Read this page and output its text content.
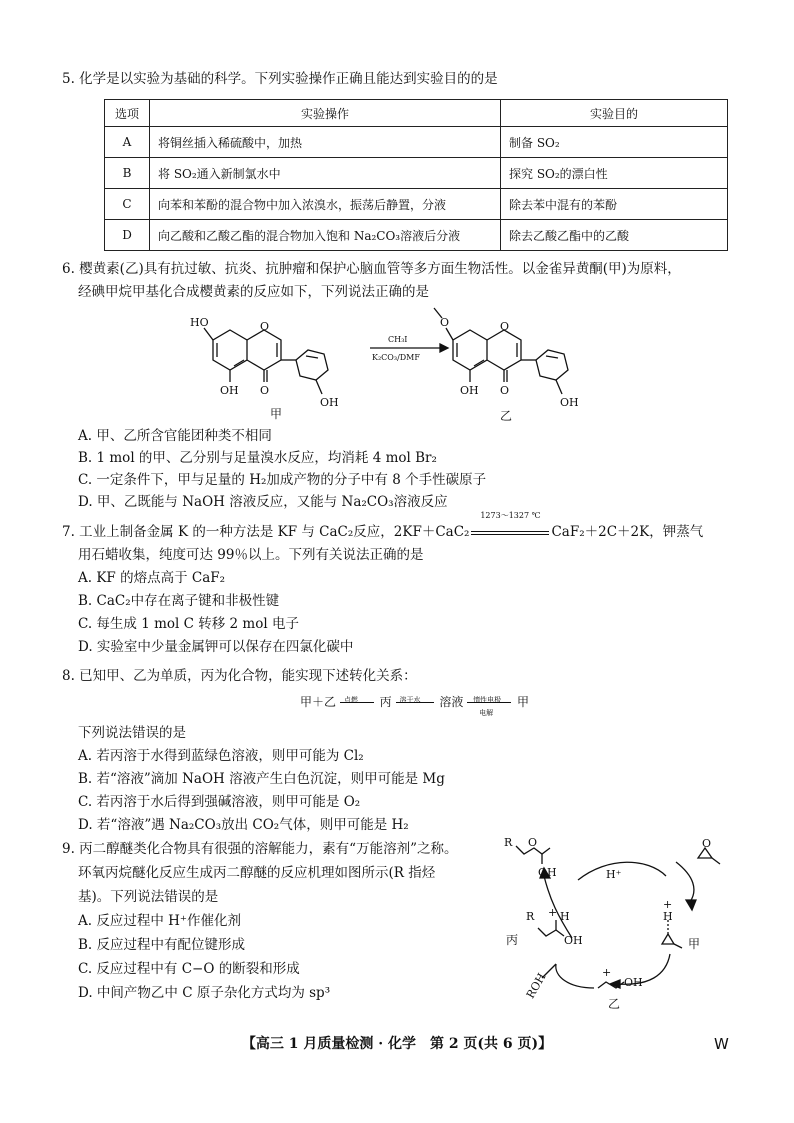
5. 化学是以实验为基础的科学。下列实验操作正确且能达到实验目的的是
选项	实验操作	实验目的
A	将铜丝插入稀硫酸中，加热	制备 SO₂
B	将 SO₂通入新制氯水中	探究 SO₂的漂白性
C	向苯和苯酚的混合物中加入浓溴水，振荡后静置，分液	除去苯中混有的苯酚
D	向乙酸和乙酸乙酯的混合物加入饱和 Na₂CO₃溶液后分液	除去乙酸乙酯中的乙酸
6. 樱黄素(乙)具有抗过敏、抗炎、抗肿瘤和保护心脑血管等多方面生物活性。以金雀异黄酮(甲)为原料，
经碘甲烷甲基化合成樱黄素的反应如下，下列说法正确的是
HO	O
OH O
OH
甲
CH₃I
K₂CO₃/DMF
O	O
OH O
OH
乙
A. 甲、乙所含官能团种类不相同
B. 1 mol 的甲、乙分别与足量溴水反应，均消耗 4 mol Br₂
C. 一定条件下，甲与足量的 H₂加成产物的分子中有 8 个手性碳原子
D. 甲、乙既能与 NaOH 溶液反应，又能与 Na₂CO₃溶液反应
7. 工业上制备金属 K 的一种方法是 KF 与 CaC₂反应，2KF＋CaC₂
1273～1327 ℃
CaF₂＋2C＋2K，钾蒸气
用石蜡收集，纯度可达 99％以上。下列有关说法正确的是
A. KF 的熔点高于 CaF₂
B. CaC₂中存在离子键和非极性键
C. 每生成 1 mol C 转移 2 mol 电子
D. 实验室中少量金属钾可以保存在四氯化碳中
8. 已知甲、乙为单质，丙为化合物，能实现下述转化关系：
甲＋乙 点燃 丙 溶于水 溶液 惰性电极
电解
甲
下列说法错误的是
A. 若丙溶于水得到蓝绿色溶液，则甲可能为 Cl₂
B. 若“溶液”滴加 NaOH 溶液产生白色沉淀，则甲可能是 Mg
C. 若丙溶于水后得到强碱溶液，则甲可能是 O₂
D. 若“溶液”遇 Na₂CO₃放出 CO₂气体，则甲可能是 H₂
9. 丙二醇醚类化合物具有很强的溶解能力，素有“万能溶剂”之称。
环氧丙烷醚化反应生成丙二醇醚的反应机理如图所示(R 指烃
基)。下列说法错误的是
A. 反应过程中 H⁺作催化剂
B. 反应过程中有配位键形成
C. 反应过程中有 C−O 的断裂和形成
D. 中间产物乙中 C 原子杂化方式均为 sp³
R O
OH	H⁺
O
+
H
甲
丙
R + H
OH
ROH	+
OH
乙
【高三 1 月质量检测 · 化学　第 2 页(共 6 页)】	W
